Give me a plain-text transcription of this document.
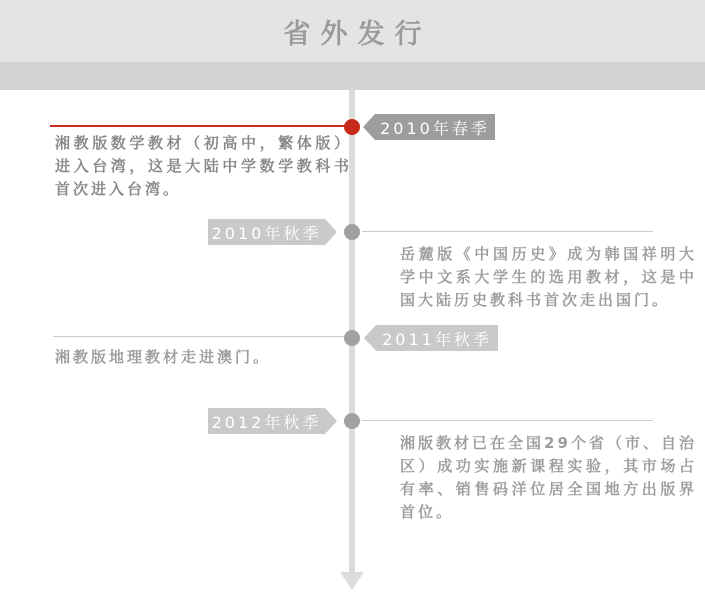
省外发行
2010年春季
湘教版数学教材（初高中，繁体版）进入台湾，这是大陆中学数学教科书首次进入台湾。
2010年秋季
岳麓版《中国历史》成为韩国祥明大学中文系大学生的选用教材，这是中国大陆历史教科书首次走出国门。
2011年秋季
湘教版地理教材走进澳门。
2012年秋季
湘版教材已在全国29个省（市、自治区）成功实施新课程实验，其市场占有率、销售码洋位居全国地方出版界首位。
